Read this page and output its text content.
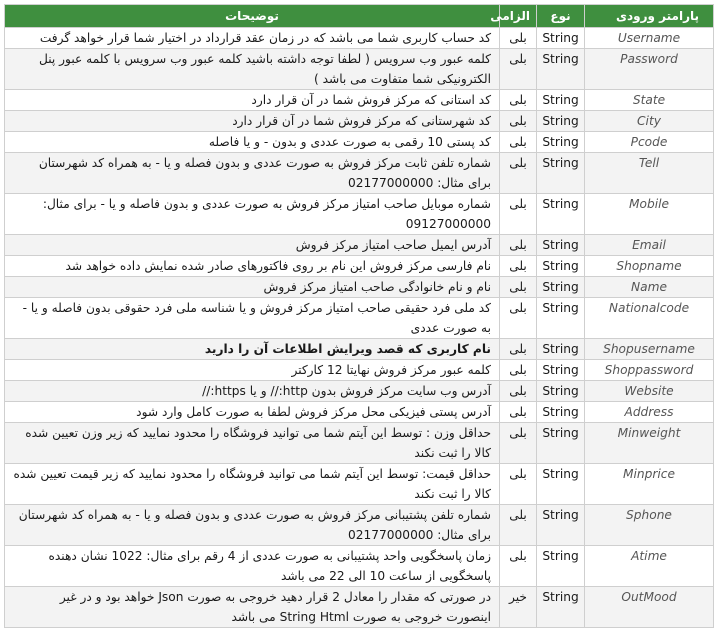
پارامتر ورودی	نوع	الزامی	توضیحات
Username	String	بلی	کد حساب کاربری شما می باشد که در زمان عقد قرارداد در اختیار شما قرار خواهد گرفت
Password	String	بلی	کلمه عبور وب سرویس ( لطفا توجه داشته باشید کلمه عبور وب سرویس با کلمه عبور پنل الکترونیکی شما متفاوت می باشد )
State	String	بلی	کد استانی که مرکز فروش شما در آن قرار دارد
City	String	بلی	کد شهرستانی که مرکز فروش شما در آن قرار دارد
Pcode	String	بلی	کد پستی 10 رقمی به صورت عددی و بدون - و یا فاصله
Tell	String	بلی	شماره تلفن ثابت مرکز فروش به صورت عددی و بدون فصله و یا - به همراه کد شهرستان برای مثال: 02177000000
Mobile	String	بلی	شماره موبایل صاحب امتیاز مرکز فروش به صورت عددی و بدون فاصله و یا - برای مثال: 09127000000
Email	String	بلی	آدرس ایمیل صاحب امتیاز مرکز فروش
Shopname	String	بلی	نام فارسی مرکز فروش این نام بر روی فاکتورهای صادر شده نمایش داده خواهد شد
Name	String	بلی	نام و نام خانوادگی صاحب امتیاز مرکز فروش
Nationalcode	String	بلی	کد ملی فرد حقیقی صاحب امتیاز مرکز فروش و یا شناسه ملی فرد حقوقی بدون فاصله و یا - به صورت عددی
Shopusername	String	بلی	نام کاربری که قصد ویرایش اطلاعات آن را دارید
Shoppassword	String	بلی	کلمه عبور مرکز فروش نهایتا 12 کارکتر
Website	String	بلی	آدرس وب سایت مرکز فروش بدون http:// و یا https://
Address	String	بلی	آدرس پستی فیزیکی محل مرکز فروش لطفا به صورت کامل وارد شود
Minweight	String	بلی	حداقل وزن : توسط این آیتم شما می توانید فروشگاه را محدود نمایید که زیر وزن تعیین شده کالا را ثبت نکند
Minprice	String	بلی	حداقل قیمت: توسط این آیتم شما می توانید فروشگاه را محدود نمایید که زیر قیمت تعیین شده کالا را ثبت نکند
Sphone	String	بلی	شماره تلفن پشتیبانی مرکز فروش به صورت عددی و بدون فصله و یا - به همراه کد شهرستان برای مثال: 02177000000
Atime	String	بلی	زمان پاسخگویی واحد پشتیبانی به صورت عددی از 4 رقم برای مثال: 1022 نشان دهنده پاسخگویی از ساعت 10 الی 22 می باشد
OutMood	String	خیر	در صورتی که مقدار را معادل 2 قرار دهید خروجی به صورت Json خواهد بود و در غیر اینصورت خروجی به صورت String Html می باشد
